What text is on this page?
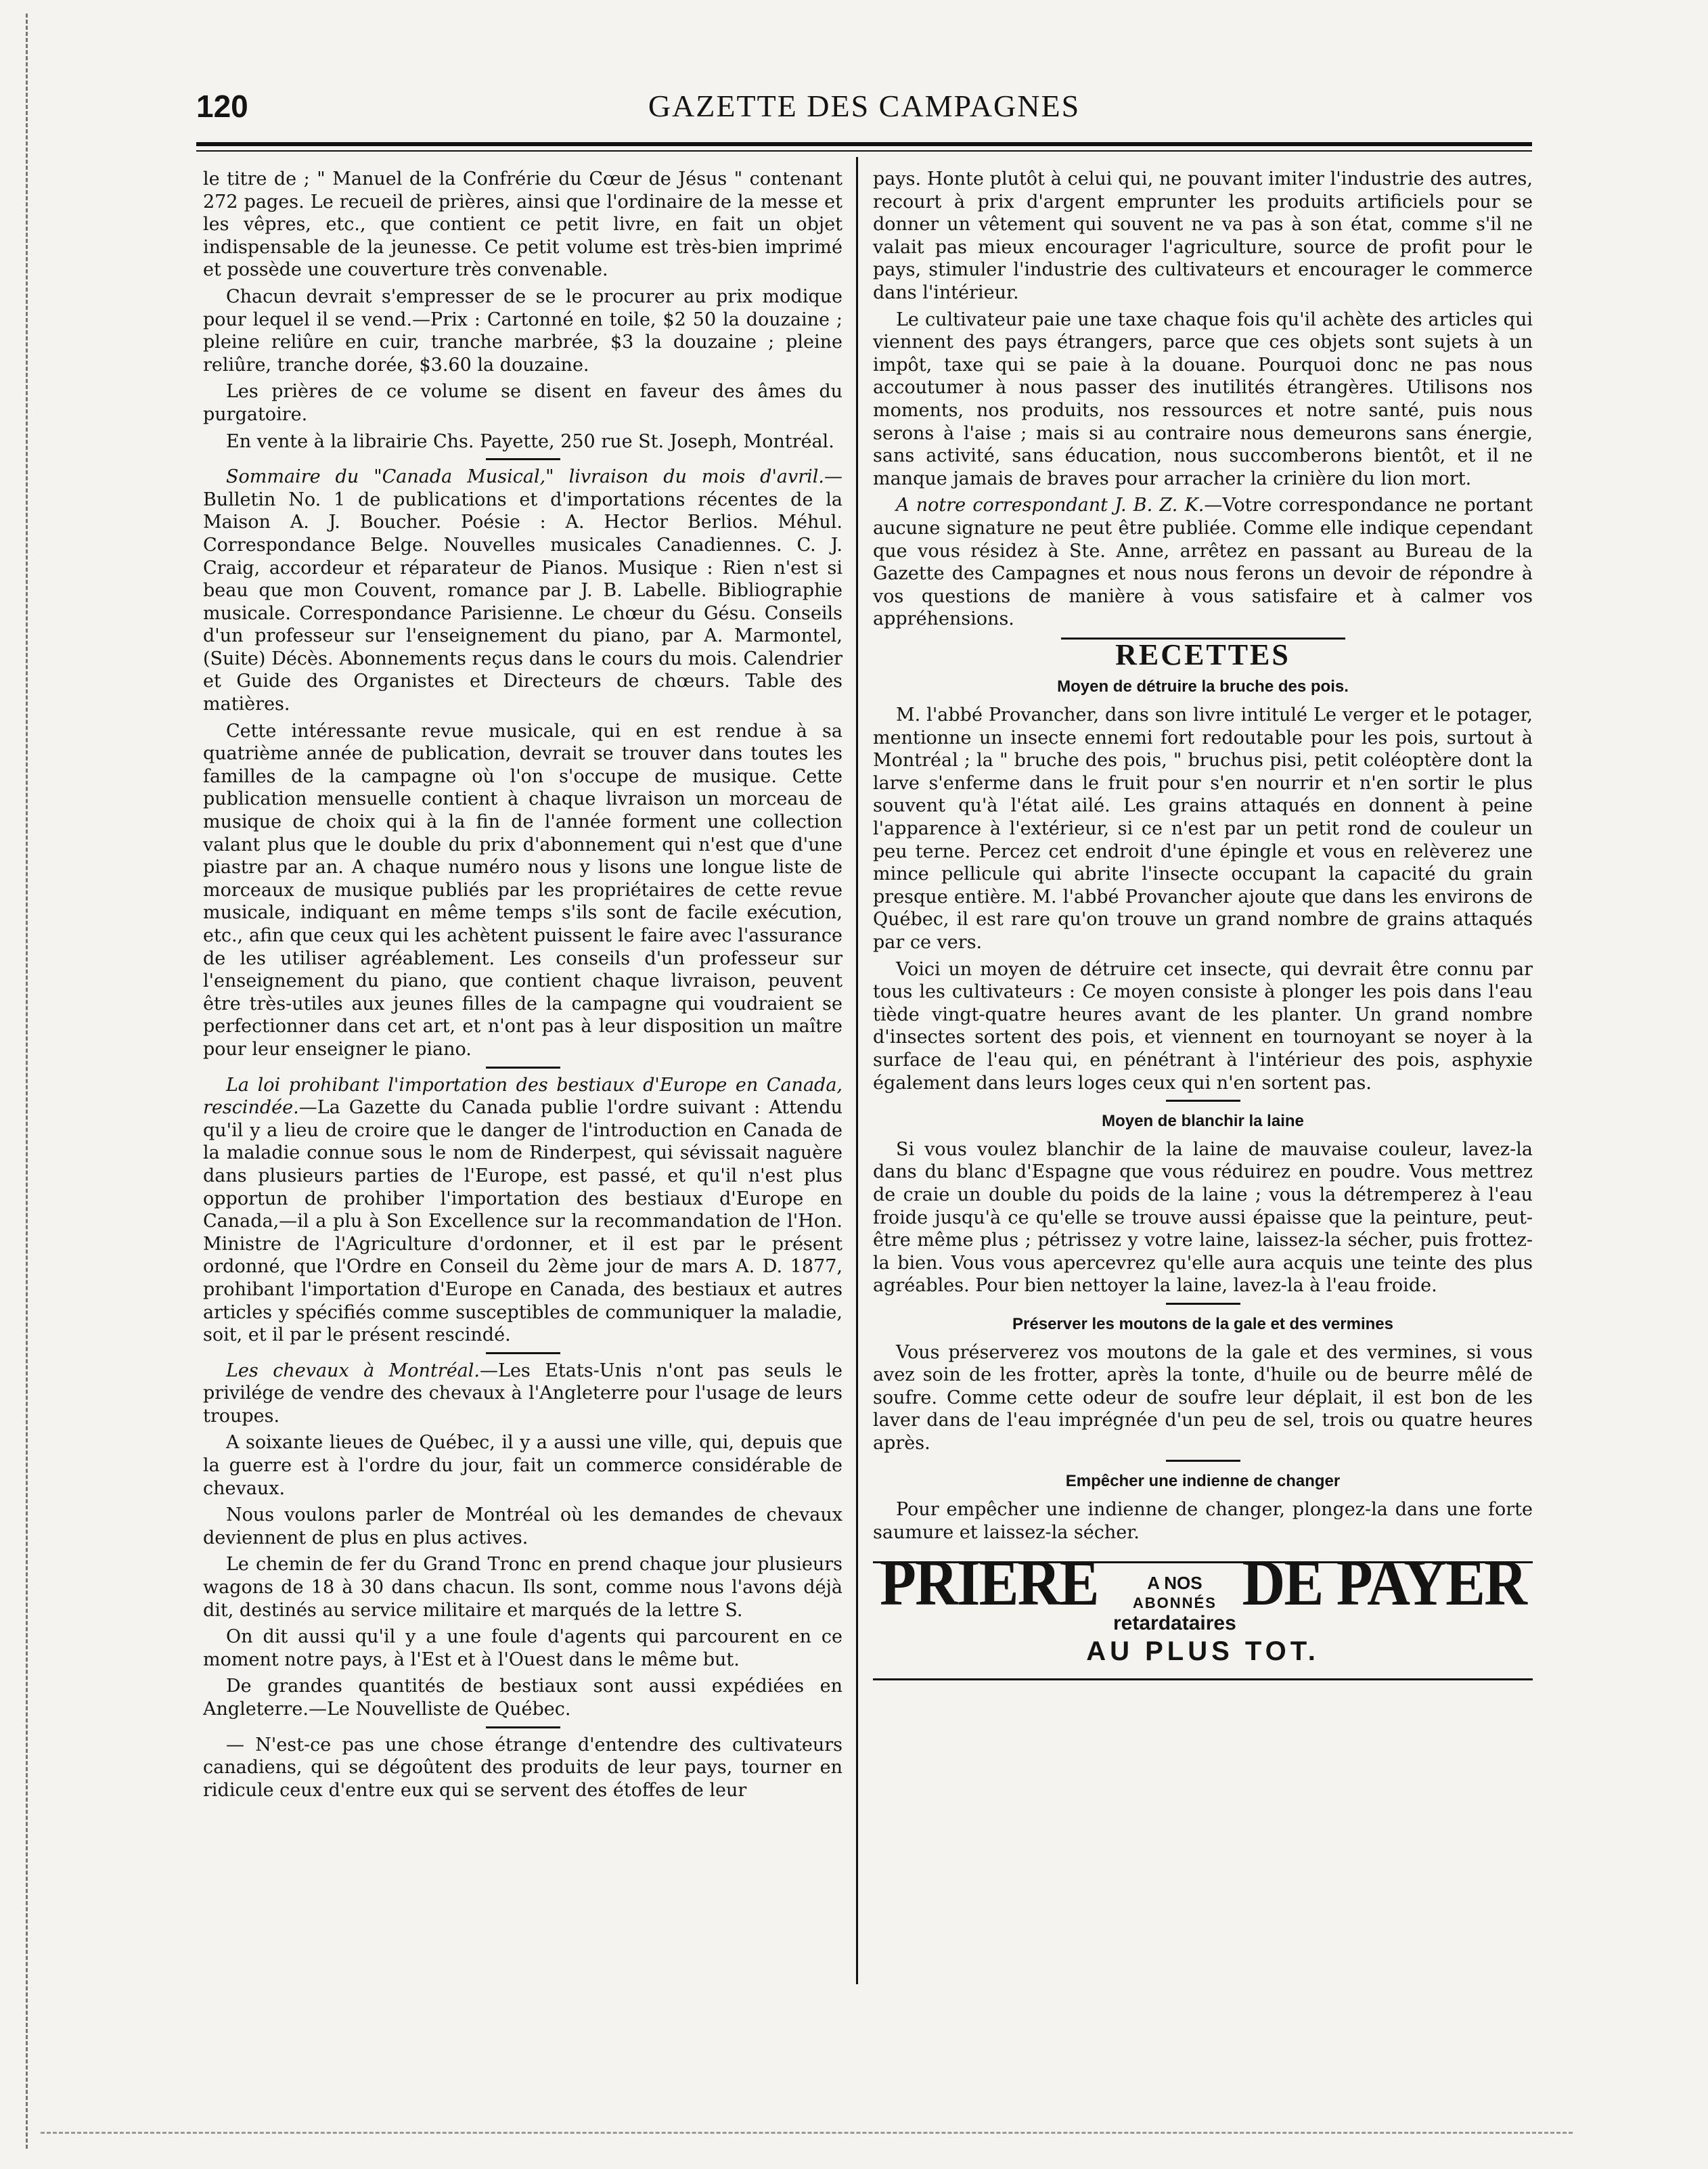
120	GAZETTE DES CAMPAGNES

le titre de ; " Manuel de la Confrérie du Cœur de Jésus " contenant 272 pages. Le recueil de prières, ainsi que l'ordinaire de la messe et les vêpres, etc., que contient ce petit livre, en fait un objet indispensable de la jeunesse. Ce petit volume est très-bien imprimé et possède une couverture très convenable.

Chacun devrait s'empresser de se le procurer au prix modique pour lequel il se vend.—Prix : Cartonné en toile, $2 50 la douzaine ; pleine reliûre en cuir, tranche marbrée, $3 la douzaine ; pleine reliûre, tranche dorée, $3.60 la douzaine.

Les prières de ce volume se disent en faveur des âmes du purgatoire.

En vente à la librairie Chs. Payette, 250 rue St. Joseph, Montréal.

Sommaire du "Canada Musical," livraison du mois d'avril.— Bulletin No. 1 de publications et d'importations récentes de la Maison A. J. Boucher. Poésie : A. Hector Berlios. Méhul. Correspondance Belge. Nouvelles musicales Canadiennes. C. J. Craig, accordeur et réparateur de Pianos. Musique : Rien n'est si beau que mon Couvent, romance par J. B. Labelle. Bibliographie musicale. Correspondance Parisienne. Le chœur du Gésu. Conseils d'un professeur sur l'enseignement du piano, par A. Marmontel, (Suite) Décès. Abonnements reçus dans le cours du mois. Calendrier et Guide des Organistes et Directeurs de chœurs. Table des matières.

Cette intéressante revue musicale, qui en est rendue à sa quatrième année de publication, devrait se trouver dans toutes les familles de la campagne où l'on s'occupe de musique. Cette publication mensuelle contient à chaque livraison un morceau de musique de choix qui à la fin de l'année forment une collection valant plus que le double du prix d'abonnement qui n'est que d'une piastre par an. A chaque numéro nous y lisons une longue liste de morceaux de musique publiés par les propriétaires de cette revue musicale, indiquant en même temps s'ils sont de facile exécution, etc., afin que ceux qui les achètent puissent le faire avec l'assurance de les utiliser agréablement. Les conseils d'un professeur sur l'enseignement du piano, que contient chaque livraison, peuvent être très-utiles aux jeunes filles de la campagne qui voudraient se perfectionner dans cet art, et n'ont pas à leur disposition un maître pour leur enseigner le piano.

La loi prohibant l'importation des bestiaux d'Europe en Canada, rescindée.—La Gazette du Canada publie l'ordre suivant : Attendu qu'il y a lieu de croire que le danger de l'introduction en Canada de la maladie connue sous le nom de Rinderpest, qui sévissait naguère dans plusieurs parties de l'Europe, est passé, et qu'il n'est plus opportun de prohiber l'importation des bestiaux d'Europe en Canada,—il a plu à Son Excellence sur la recommandation de l'Hon. Ministre de l'Agriculture d'ordonner, et il est par le présent ordonné, que l'Ordre en Conseil du 2ème jour de mars A. D. 1877, prohibant l'importation d'Europe en Canada, des bestiaux et autres articles y spécifiés comme susceptibles de communiquer la maladie, soit, et il par le présent rescindé.

Les chevaux à Montréal.—Les Etats-Unis n'ont pas seuls le privilége de vendre des chevaux à l'Angleterre pour l'usage de leurs troupes.

A soixante lieues de Québec, il y a aussi une ville, qui, depuis que la guerre est à l'ordre du jour, fait un commerce considérable de chevaux.

Nous voulons parler de Montréal où les demandes de chevaux deviennent de plus en plus actives.

Le chemin de fer du Grand Tronc en prend chaque jour plusieurs wagons de 18 à 30 dans chacun. Ils sont, comme nous l'avons déjà dit, destinés au service militaire et marqués de la lettre S.

On dit aussi qu'il y a une foule d'agents qui parcourent en ce moment notre pays, à l'Est et à l'Ouest dans le même but.

De grandes quantités de bestiaux sont aussi expédiées en Angleterre.—Le Nouvelliste de Québec.

— N'est-ce pas une chose étrange d'entendre des cultivateurs canadiens, qui se dégoûtent des produits de leur pays, tourner en ridicule ceux d'entre eux qui se servent des étoffes de leur

pays. Honte plutôt à celui qui, ne pouvant imiter l'industrie des autres, recourt à prix d'argent emprunter les produits artificiels pour se donner un vêtement qui souvent ne va pas à son état, comme s'il ne valait pas mieux encourager l'agriculture, source de profit pour le pays, stimuler l'industrie des cultivateurs et encourager le commerce dans l'intérieur.

Le cultivateur paie une taxe chaque fois qu'il achète des articles qui viennent des pays étrangers, parce que ces objets sont sujets à un impôt, taxe qui se paie à la douane. Pourquoi donc ne pas nous accoutumer à nous passer des inutilités étrangères. Utilisons nos moments, nos produits, nos ressources et notre santé, puis nous serons à l'aise ; mais si au contraire nous demeurons sans énergie, sans activité, sans éducation, nous succomberons bientôt, et il ne manque jamais de braves pour arracher la crinière du lion mort.

A notre correspondant J. B. Z. K.—Votre correspondance ne portant aucune signature ne peut être publiée. Comme elle indique cependant que vous résidez à Ste. Anne, arrêtez en passant au Bureau de la Gazette des Campagnes et nous nous ferons un devoir de répondre à vos questions de manière à vous satisfaire et à calmer vos appréhensions.

RECETTES
Moyen de détruire la bruche des pois.

M. l'abbé Provancher, dans son livre intitulé Le verger et le potager, mentionne un insecte ennemi fort redoutable pour les pois, surtout à Montréal ; la " bruche des pois, " bruchus pisi, petit coléoptère dont la larve s'enferme dans le fruit pour s'en nourrir et n'en sortir le plus souvent qu'à l'état ailé. Les grains attaqués en donnent à peine l'apparence à l'extérieur, si ce n'est par un petit rond de couleur un peu terne. Percez cet endroit d'une épingle et vous en relèverez une mince pellicule qui abrite l'insecte occupant la capacité du grain presque entière. M. l'abbé Provancher ajoute que dans les environs de Québec, il est rare qu'on trouve un grand nombre de grains attaqués par ce vers.

Voici un moyen de détruire cet insecte, qui devrait être connu par tous les cultivateurs : Ce moyen consiste à plonger les pois dans l'eau tiède vingt-quatre heures avant de les planter. Un grand nombre d'insectes sortent des pois, et viennent en tournoyant se noyer à la surface de l'eau qui, en pénétrant à l'intérieur des pois, asphyxie également dans leurs loges ceux qui n'en sortent pas.

Moyen de blanchir la laine

Si vous voulez blanchir de la laine de mauvaise couleur, lavez-la dans du blanc d'Espagne que vous réduirez en poudre. Vous mettrez de craie un double du poids de la laine ; vous la détremperez à l'eau froide jusqu'à ce qu'elle se trouve aussi épaisse que la peinture, peut-être même plus ; pétrissez y votre laine, laissez-la sécher, puis frottez-la bien. Vous vous apercevrez qu'elle aura acquis une teinte des plus agréables. Pour bien nettoyer la laine, lavez-la à l'eau froide.

Préserver les moutons de la gale et des vermines

Vous préserverez vos moutons de la gale et des vermines, si vous avez soin de les frotter, après la tonte, d'huile ou de beurre mêlé de soufre. Comme cette odeur de soufre leur déplait, il est bon de les laver dans de l'eau imprégnée d'un peu de sel, trois ou quatre heures après.

Empêcher une indienne de changer

Pour empêcher une indienne de changer, plongez-la dans une forte saumure et laissez-la sécher.

PRIERE	A NOS
ABONNÉS
retardataires
DE PAYER
AU PLUS TOT.
